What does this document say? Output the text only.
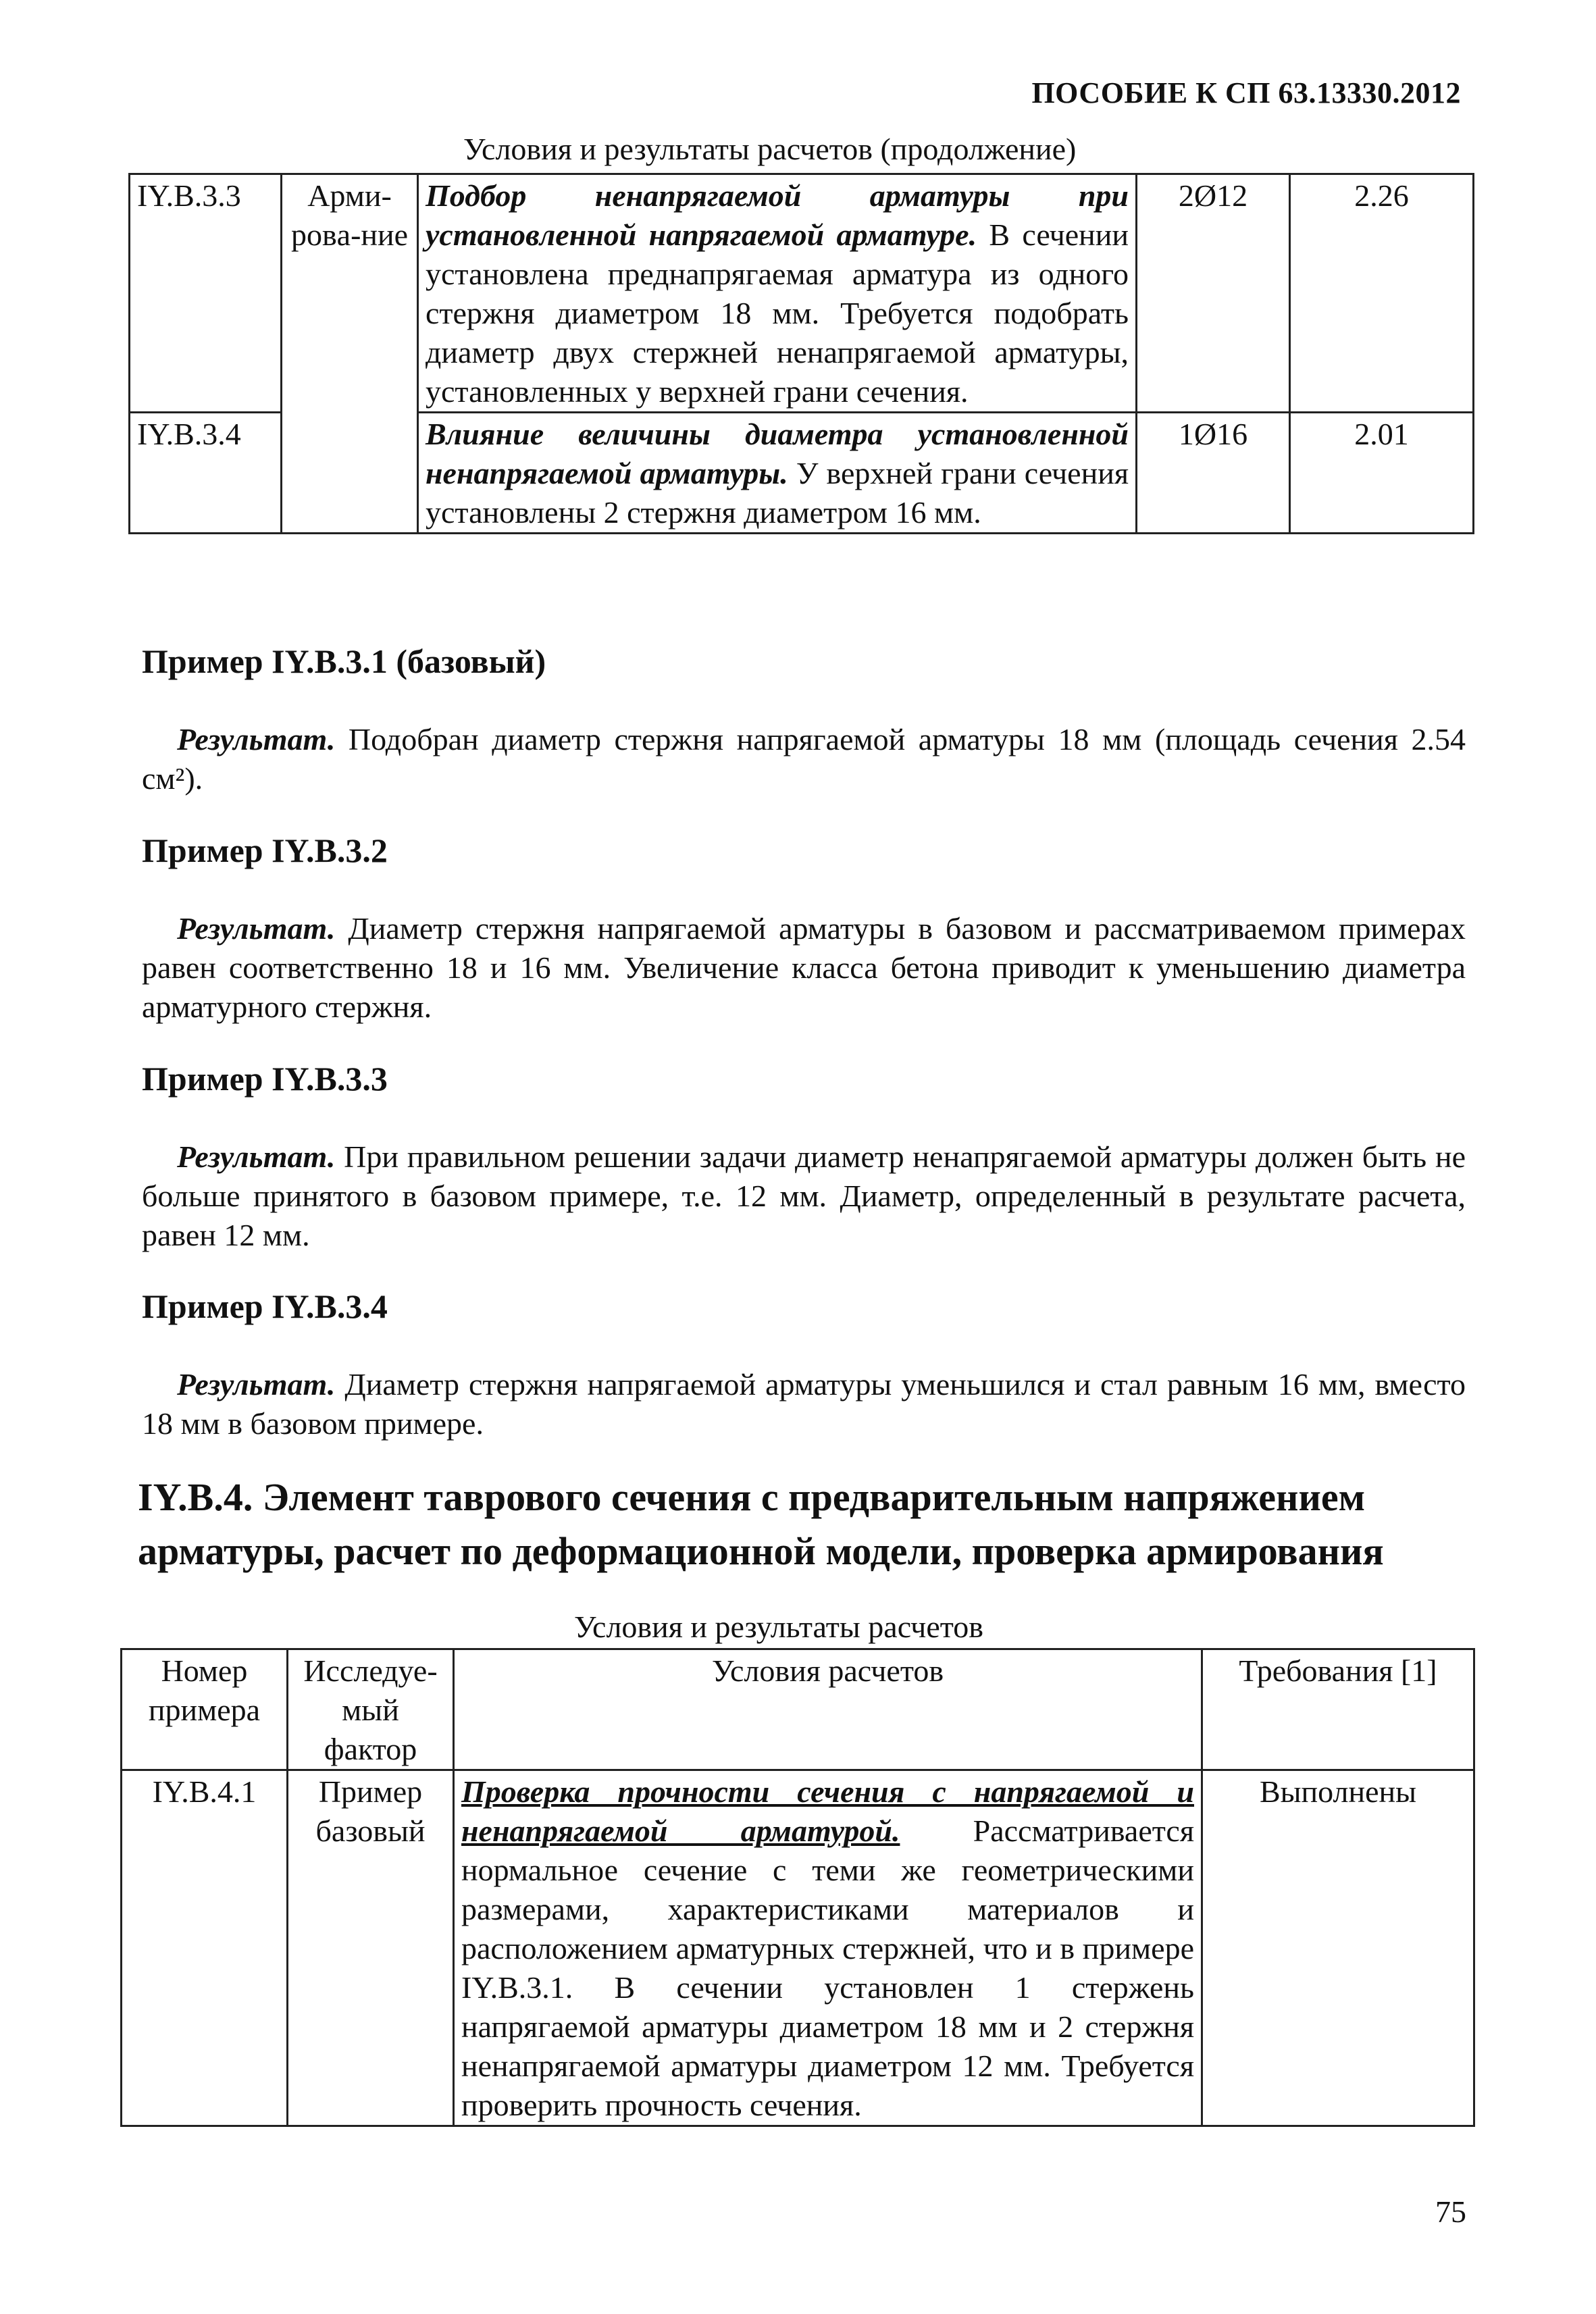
ПОСОБИЕ К СП 63.13330.2012
Условия и результаты расчетов (продолжение)
IY.B.3.3	Арми-ровa-ние	Подбор ненапрягаемой арматуры при установленной напрягаемой арматуре. В сечении установлена преднапрягаемая арматура из одного стержня диаметром 18 мм. Требуется подобрать диаметр двух стержней ненапрягаемой арматуры, установленных у верхней грани сечения.	2Ø12	2.26
IY.B.3.4		Влияние величины диаметра установленной ненапрягаемой арматуры. У верхней грани сечения установлены 2 стержня диаметром 16 мм.	1Ø16	2.01
Пример IY.B.3.1 (базовый)
Результат. Подобран диаметр стержня напрягаемой арматуры 18 мм (площадь сечения 2.54 см²).
Пример IY.B.3.2
Результат. Диаметр стержня напрягаемой арматуры в базовом и рассматриваемом примерах равен соответственно 18 и 16 мм. Увеличение класса бетона приводит к уменьшению диаметра арматурного стержня.
Пример IY.B.3.3
Результат. При правильном решении задачи диаметр ненапрягаемой арматуры должен быть не больше принятого в базовом примере, т.е. 12 мм. Диаметр, определенный в результате расчета, равен 12 мм.
Пример IY.B.3.4
Результат. Диаметр стержня напрягаемой арматуры уменьшился и стал равным 16 мм, вместо 18 мм в базовом примере.
IY.B.4. Элемент таврового сечения с предварительным напряжением
арматуры, расчет по деформационной модели, проверка армирования
Условия и результаты расчетов
Номер примера	Исследуе-мый фактор	Условия расчетов	Требования [1]
IY.B.4.1	Пример базовый	Проверка прочности сечения с напрягаемой и ненапрягаемой арматурой. Рассматривается нормальное сечение с теми же геометрическими размерами, характеристиками материалов и расположением арматурных стержней, что и в примере IY.B.3.1. В сечении установлен 1 стержень напрягаемой арматуры диаметром 18 мм и 2 стержня ненапрягаемой арматуры диаметром 12 мм. Требуется проверить прочность сечения.	Выполнены
75
